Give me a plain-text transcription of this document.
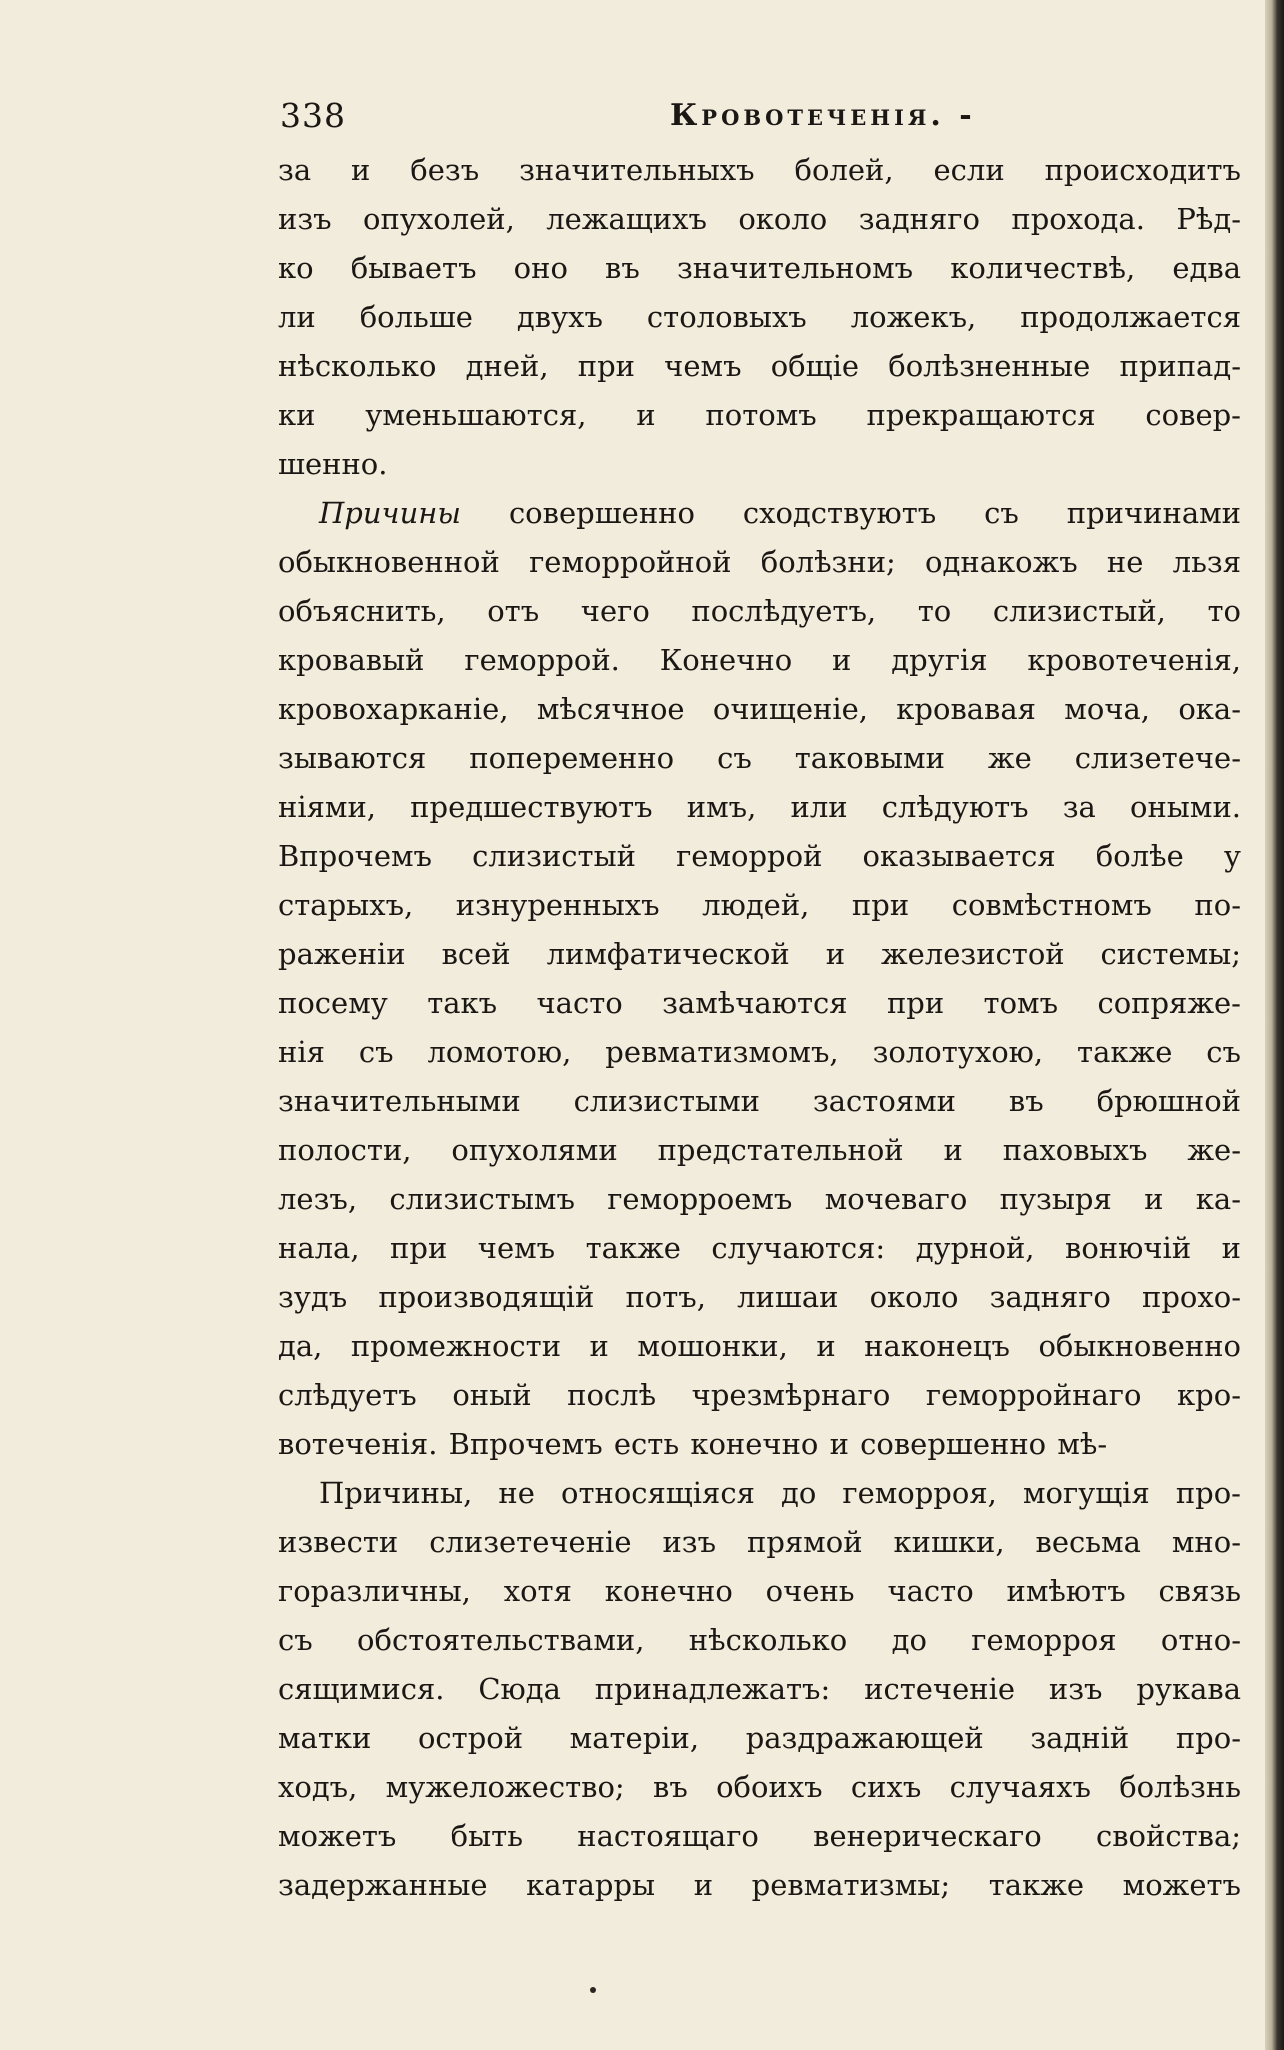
338	Кровотеченія. -
за и безъ значительныхъ болей, если происходитъ
изъ опухолей, лежащихъ около задняго прохода. Рѣд-
ко бываетъ оно въ значительномъ количествѣ, едва
ли больше двухъ столовыхъ ложекъ, продолжается
нѣсколько дней, при чемъ общіе болѣзненные припад-
ки уменьшаются, и потомъ прекращаются совер-
шенно.
Причины совершенно сходствуютъ съ причинами
обыкновенной геморройной болѣзни; однакожъ не льзя
объяснить, отъ чего послѣдуетъ, то слизистый, то
кровавый геморрой. Конечно и другія кровотеченія,
кровохарканіе, мѣсячное очищеніе, кровавая моча, ока-
зываются попеременно съ таковыми же слизетече-
ніями, предшествуютъ имъ, или слѣдуютъ за оными.
Впрочемъ слизистый геморрой оказывается болѣе у
старыхъ, изнуренныхъ людей, при совмѣстномъ по-
раженіи всей лимфатической и железистой системы;
посему такъ часто замѣчаются при томъ сопряже-
нія съ ломотою, ревматизмомъ, золотухою, также съ
значительными слизистыми застоями въ брюшной
полости, опухолями предстательной и паховыхъ же-
лезъ, слизистымъ геморроемъ мочеваго пузыря и ка-
нала, при чемъ также случаются: дурной, вонючій и
зудъ производящій потъ, лишаи около задняго прохо-
да, промежности и мошонки, и наконецъ обыкновенно
слѣдуетъ оный послѣ чрезмѣрнаго геморройнаго кро-
вотеченія. Впрочемъ есть конечно и совершенно мѣ-
Причины, не относящіяся до геморроя, могущія про-
извести слизетеченіе изъ прямой кишки, весьма мно-
горазличны, хотя конечно очень часто имѣютъ связь
съ обстоятельствами, нѣсколько до геморроя отно-
сящимися. Сюда принадлежатъ: истеченіе изъ рукава
матки острой матеріи, раздражающей задній про-
ходъ, мужеложество; въ обоихъ сихъ случаяхъ болѣзнь
можетъ быть настоящаго венерическаго свойства;
задержанные катарры и ревматизмы; также можетъ
